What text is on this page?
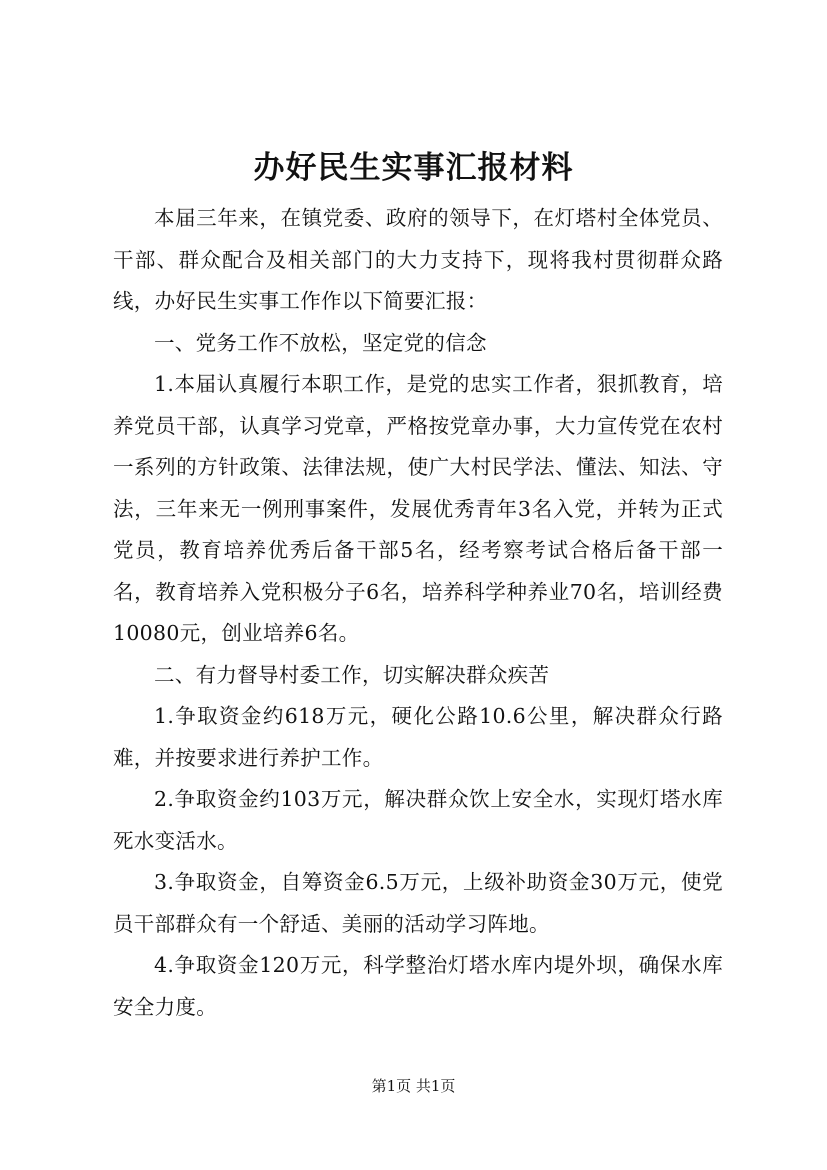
办好民生实事汇报材料

本届三年来，在镇党委、政府的领导下，在灯塔村全体党员、干部、群众配合及相关部门的大力支持下，现将我村贯彻群众路线，办好民生实事工作作以下简要汇报：

一、党务工作不放松，坚定党的信念

1.本届认真履行本职工作，是党的忠实工作者，狠抓教育，培养党员干部，认真学习党章，严格按党章办事，大力宣传党在农村一系列的方针政策、法律法规，使广大村民学法、懂法、知法、守法，三年来无一例刑事案件，发展优秀青年3名入党，并转为正式党员，教育培养优秀后备干部5名，经考察考试合格后备干部一名，教育培养入党积极分子6名，培养科学种养业70名，培训经费10080元，创业培养6名。

二、有力督导村委工作，切实解决群众疾苦

1.争取资金约618万元，硬化公路10.6公里，解决群众行路难，并按要求进行养护工作。

2.争取资金约103万元，解决群众饮上安全水，实现灯塔水库死水变活水。

3.争取资金，自筹资金6.5万元，上级补助资金30万元，使党员干部群众有一个舒适、美丽的活动学习阵地。

4.争取资金120万元，科学整治灯塔水库内堤外坝，确保水库安全力度。

第1页 共1页
